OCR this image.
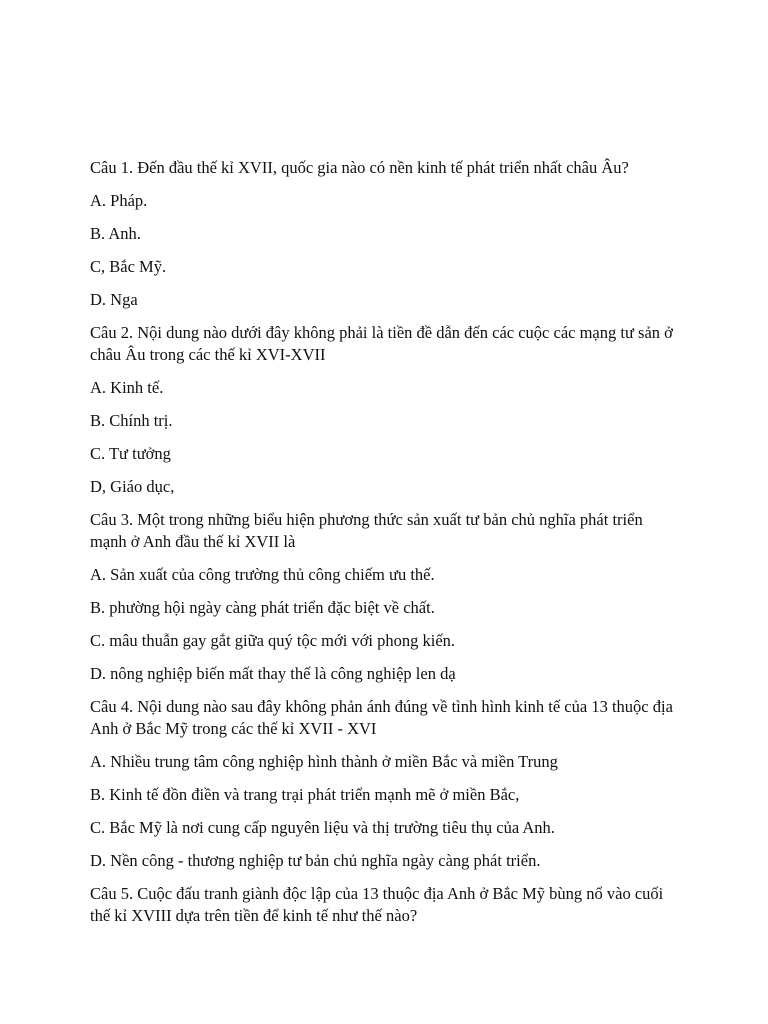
Câu 1. Đến đầu thế kỉ XVII, quốc gia nào có nền kinh tế phát triển nhất châu Âu?

A. Pháp.

B. Anh.

C, Bắc Mỹ.

D. Nga

Câu 2. Nội dung nào dưới đây không phải là tiền đề dẫn đến các cuộc các mạng tư sản ở châu Âu trong các thế kỉ XVI-XVII

A. Kinh tế.

B. Chính trị.

C. Tư tưởng

D, Giáo dục,

Câu 3. Một trong những biểu hiện phương thức sản xuất tư bản chủ nghĩa phát triển mạnh ở Anh đầu thế kỉ XVII là

A. Sản xuất của công trường thủ công chiếm ưu thế.

B. phường hội ngày càng phát triển đặc biệt về chất.

C. mâu thuẫn gay gắt giữa quý tộc mới với phong kiến.

D. nông nghiệp biến mất thay thế là công nghiệp len dạ

Câu 4. Nội dung nào sau đây không phản ánh đúng về tình hình kinh tế của 13 thuộc địa Anh ở Bắc Mỹ trong các thế kỉ XVII - XVI

A. Nhiều trung tâm công nghiệp hình thành ở miền Bắc và miền Trung

B. Kinh tế đồn điền và trang trại phát triển mạnh mẽ ở miền Bắc,

C. Bắc Mỹ là nơi cung cấp nguyên liệu và thị trường tiêu thụ của Anh.

D. Nền công - thương nghiệp tư bản chủ nghĩa ngày càng phát triển.

Câu 5. Cuộc đấu tranh giành độc lập của 13 thuộc địa Anh ở Bắc Mỹ bùng nổ vào cuối thế kỉ XVIII dựa trên tiền để kinh tế như thế nào?
